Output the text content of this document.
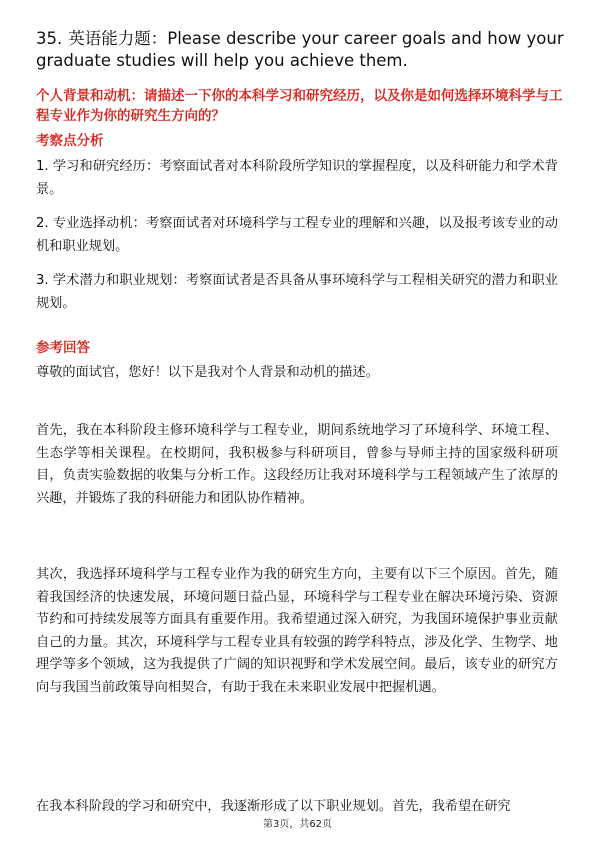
35. 英语能力题：Please describe your career goals and how your graduate studies will help you achieve them.
个人背景和动机：请描述一下你的本科学习和研究经历，以及你是如何选择环境科学与工程专业作为你的研究生方向的？
考察点分析
1. 学习和研究经历：考察面试者对本科阶段所学知识的掌握程度，以及科研能力和学术背景。
2. 专业选择动机：考察面试者对环境科学与工程专业的理解和兴趣，以及报考该专业的动机和职业规划。
3. 学术潜力和职业规划：考察面试者是否具备从事环境科学与工程相关研究的潜力和职业规划。
参考回答
尊敬的面试官，您好！以下是我对个人背景和动机的描述。
首先，我在本科阶段主修环境科学与工程专业，期间系统地学习了环境科学、环境工程、生态学等相关课程。在校期间，我积极参与科研项目，曾参与导师主持的国家级科研项目，负责实验数据的收集与分析工作。这段经历让我对环境科学与工程领域产生了浓厚的兴趣，并锻炼了我的科研能力和团队协作精神。
其次，我选择环境科学与工程专业作为我的研究生方向，主要有以下三个原因。首先，随着我国经济的快速发展，环境问题日益凸显，环境科学与工程专业在解决环境污染、资源节约和可持续发展等方面具有重要作用。我希望通过深入研究，为我国环境保护事业贡献自己的力量。其次，环境科学与工程专业具有较强的跨学科特点，涉及化学、生物学、地理学等多个领域，这为我提供了广阔的知识视野和学术发展空间。最后，该专业的研究方向与我国当前政策导向相契合，有助于我在未来职业发展中把握机遇。
在我本科阶段的学习和研究中，我逐渐形成了以下职业规划。首先，我希望在研究
第3页，共62页
